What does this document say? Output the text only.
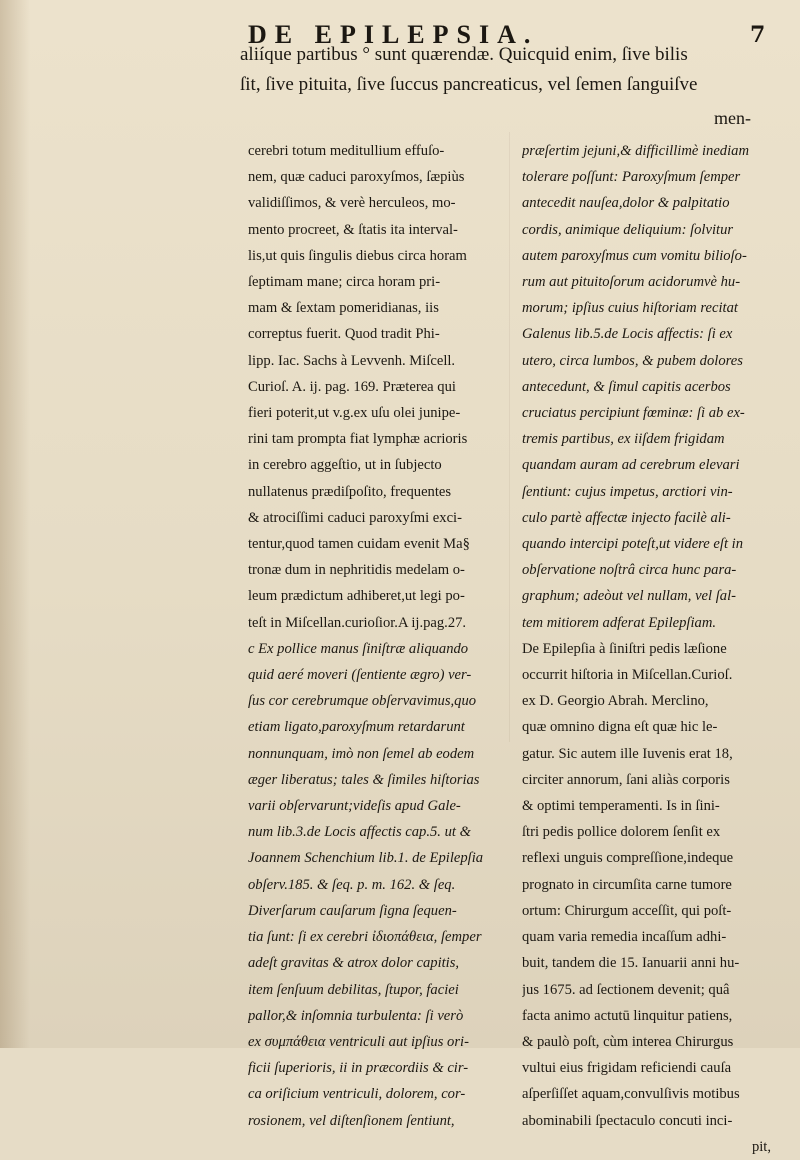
DE EPILEPSIA.	7
aliíque partibus ° sunt quærendæ. Quicquid enim, ſive bilis
ſit, ſive pituita, ſive ſuccus pancreaticus, vel ſemen ſanguiſve
men-
cerebri totum meditullium effuſo-
nem, quæ caduci paroxyſmos, ſæpiùs
validiſſimos, & verè herculeos, mo-
mento procreet, & ſtatis ita interval-
lis,ut quis ſingulis diebus circa horam
ſeptimam mane; circa horam pri-
mam & ſextam pomeridianas, iis
correptus fuerit. Quod tradit Phi-
lipp. Iac. Sachs à Levvenh. Miſcell.
Curioſ. A. ij. pag. 169. Præterea qui
fieri poterit,ut v.g.ex uſu olei junipe-
rini tam prompta fiat lymphæ acrioris
in cerebro aggeſtio, ut in ſubjecto
nullatenus prædiſpoſito, frequentes
& atrociſſimi caduci paroxyſmi exci-
tentur,quod tamen cuidam evenit Ma§
tronæ dum in nephritidis medelam o-
leum prædictum adhiberet,ut legi po-
teſt in Miſcellan.curioſior.A ij.pag.27.
c Ex pollice manus ſiniſtræ aliquando
quid aeré moveri (ſentiente ægro) ver-
ſus cor cerebrumque obſervavimus,quo
etiam ligato,paroxyſmum retardarunt
nonnunquam, imò non ſemel ab eodem
æger liberatus; tales & ſimiles hiſtorias
varii obſervarunt;videſis apud Gale-
num lib.3.de Locis affectis cap.5. ut &
Joannem Schenchium lib.1. de Epilepſia
obſerv.185. & ſeq. p. m. 162. & ſeq.
Diverſarum cauſarum ſigna ſequen-
tia ſunt: ſi ex cerebri ἰδιοπάθεια, ſemper
adeſt gravitas & atrox dolor capitis,
item ſenſuum debilitas, ſtupor, faciei
pallor,& inſomnia turbulenta: ſi verò
ex συμπάθεια ventriculi aut ipſius ori-
ficii ſuperioris, ii in præcordiis & cir-
ca oriſicium ventriculi, dolorem, cor-
rosionem, vel diſtenſionem ſentiunt,
præſertim jejuni,& difficillimè inediam
tolerare poſſunt: Paroxyſmum ſemper
antecedit nauſea,dolor & palpitatio
cordis, animique deliquium: ſolvitur
autem paroxyſmus cum vomitu bilioſo-
rum aut pituitoſorum acidorumvè hu-
morum; ipſius cuius hiſtoriam recitat
Galenus lib.5.de Locis affectis: ſi ex
utero, circa lumbos, & pubem dolores
antecedunt, & ſimul capitis acerbos
cruciatus percipiunt fœminæ: ſi ab ex-
tremis partibus, ex iiſdem frigidam
quandam auram ad cerebrum elevari
ſentiunt: cujus impetus, arctiori vin-
culo partè affectæ injecto facilè ali-
quando intercipi poteſt,ut videre eſt in
obſervatione noſtrâ circa hunc para-
graphum; adeòut vel nullam, vel ſal-
tem mitiorem adferat Epilepſiam.
De Epilepſia à ſiniſtri pedis læſione
occurrit hiſtoria in Miſcellan.Curioſ.
ex D. Georgio Abrah. Merclino,
quæ omnino digna eſt quæ hic le-
gatur. Sic autem ille Iuvenis erat 18,
circiter annorum, ſani aliàs corporis
& optimi temperamenti. Is in ſini-
ſtri pedis pollice dolorem ſenſit ex
reflexi unguis compreſſione,indeque
prognato in circumſita carne tumore
ortum: Chirurgum acceſſit, qui poſt-
quam varia remedia incaſſum adhi-
buit, tandem die 15. Ianuarii anni hu-
jus 1675. ad ſectionem devenit; quâ
facta animo actutū linquitur patiens,
& paulò poſt, cùm interea Chirurgus
vultui eius frigidam reficiendi cauſa
aſperſiſſet aquam,convulſivis motibus
abominabili ſpectaculo concuti inci-
pit,
